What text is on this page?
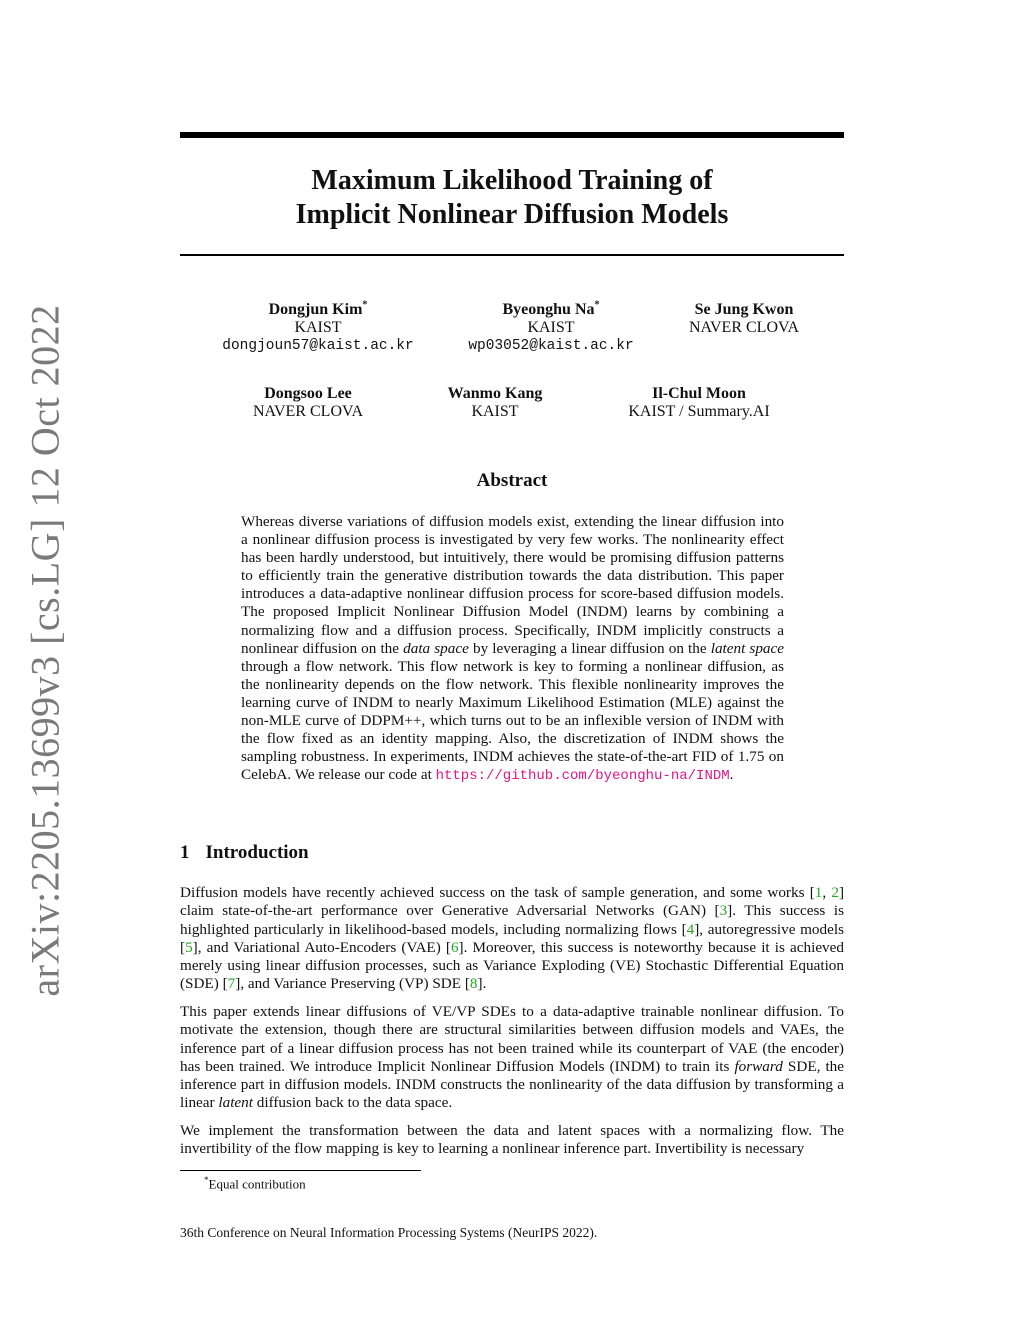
arXiv:2205.13699v3 [cs.LG] 12 Oct 2022
Maximum Likelihood Training of
Implicit Nonlinear Diffusion Models
Dongjun Kim*
KAIST
dongjoun57@kaist.ac.kr
Byeonghu Na*
KAIST
wp03052@kaist.ac.kr
Se Jung Kwon
NAVER CLOVA
Dongsoo Lee
NAVER CLOVA
Wanmo Kang
KAIST
Il-Chul Moon
KAIST / Summary.AI
Abstract
Whereas diverse variations of diffusion models exist, extending the linear diffusion into a nonlinear diffusion process is investigated by very few works. The nonlinearity effect has been hardly understood, but intuitively, there would be promising diffusion patterns to efficiently train the generative distribution towards the data distribution. This paper introduces a data-adaptive nonlinear diffusion process for score-based diffusion models. The proposed Implicit Nonlinear Diffusion Model (INDM) learns by combining a normalizing flow and a diffusion process. Specifically, INDM implicitly constructs a nonlinear diffusion on the data space by leveraging a linear diffusion on the latent space through a flow network. This flow network is key to forming a nonlinear diffusion, as the nonlinearity depends on the flow network. This flexible nonlinearity improves the learning curve of INDM to nearly Maximum Likelihood Estimation (MLE) against the non-MLE curve of DDPM++, which turns out to be an inflexible version of INDM with the flow fixed as an identity mapping. Also, the discretization of INDM shows the sampling robustness. In experiments, INDM achieves the state-of-the-art FID of 1.75 on CelebA. We release our code at https://github.com/byeonghu-na/INDM.
1 Introduction
Diffusion models have recently achieved success on the task of sample generation, and some works [1, 2] claim state-of-the-art performance over Generative Adversarial Networks (GAN) [3]. This success is highlighted particularly in likelihood-based models, including normalizing flows [4], autoregressive models [5], and Variational Auto-Encoders (VAE) [6]. Moreover, this success is noteworthy because it is achieved merely using linear diffusion processes, such as Variance Exploding (VE) Stochastic Differential Equation (SDE) [7], and Variance Preserving (VP) SDE [8].
This paper extends linear diffusions of VE/VP SDEs to a data-adaptive trainable nonlinear diffusion. To motivate the extension, though there are structural similarities between diffusion models and VAEs, the inference part of a linear diffusion process has not been trained while its counterpart of VAE (the encoder) has been trained. We introduce Implicit Nonlinear Diffusion Models (INDM) to train its forward SDE, the inference part in diffusion models. INDM constructs the nonlinearity of the data diffusion by transforming a linear latent diffusion back to the data space.
We implement the transformation between the data and latent spaces with a normalizing flow. The invertibility of the flow mapping is key to learning a nonlinear inference part. Invertibility is necessary
*Equal contribution
36th Conference on Neural Information Processing Systems (NeurIPS 2022).
